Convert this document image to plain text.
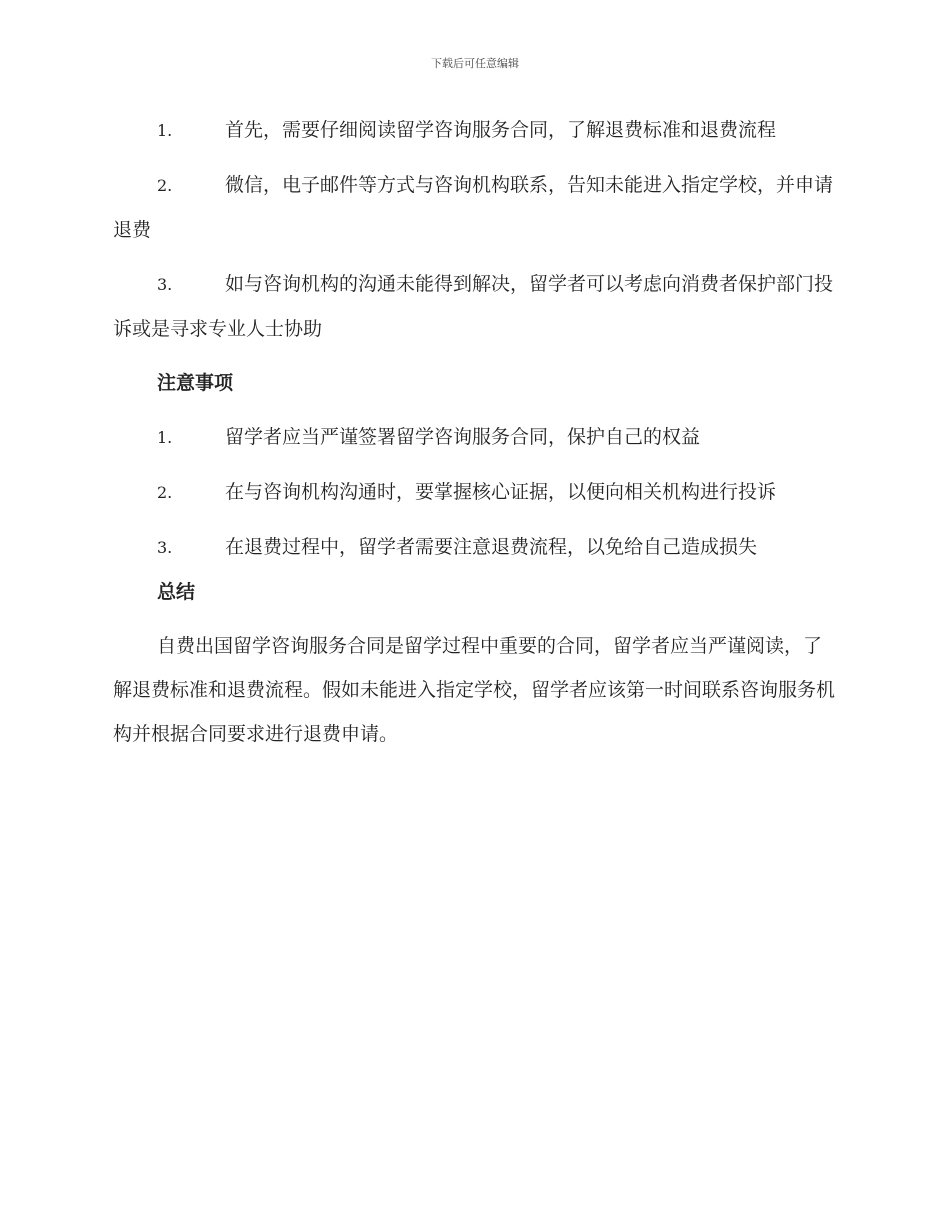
下载后可任意编辑
1.	首先，需要仔细阅读留学咨询服务合同，了解退费标准和退费流程
2.	微信，电子邮件等方式与咨询机构联系，告知未能进入指定学校，并申请退费
3.	如与咨询机构的沟通未能得到解决，留学者可以考虑向消费者保护部门投诉或是寻求专业人士协助
注意事项
1.	留学者应当严谨签署留学咨询服务合同，保护自己的权益
2.	在与咨询机构沟通时，要掌握核心证据，以便向相关机构进行投诉
3.	在退费过程中，留学者需要注意退费流程，以免给自己造成损失
总结
自费出国留学咨询服务合同是留学过程中重要的合同，留学者应当严谨阅读，了解退费标准和退费流程。假如未能进入指定学校，留学者应该第一时间联系咨询服务机构并根据合同要求进行退费申请。
